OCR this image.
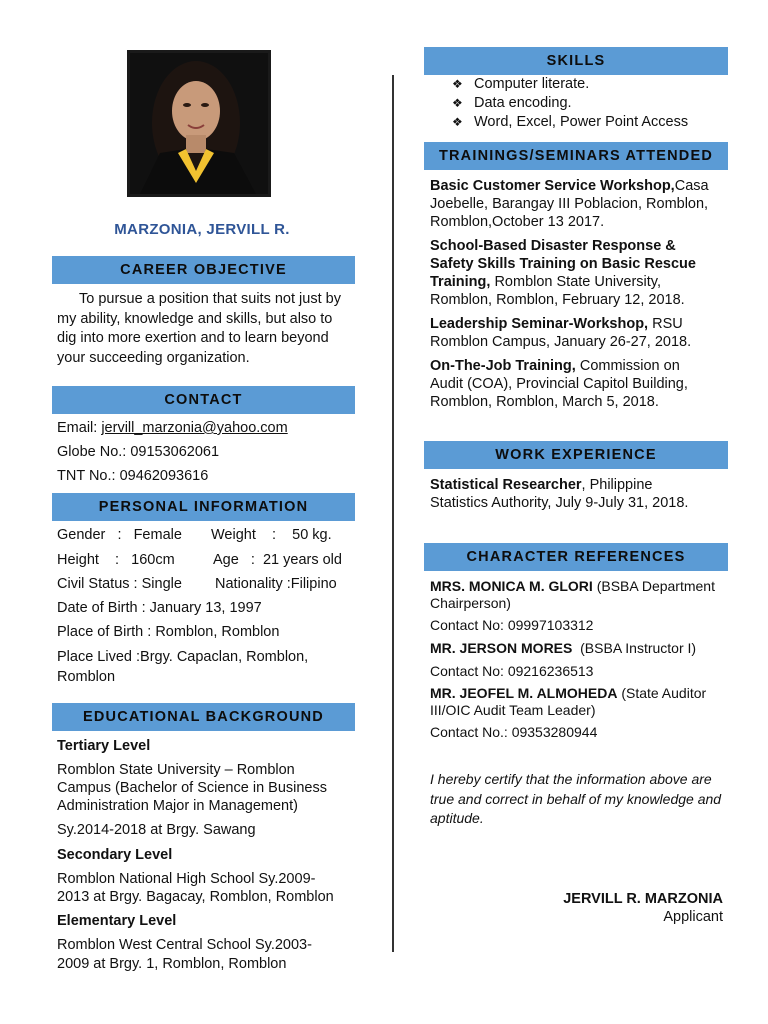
MARZONIA, JERVILL R.
CAREER OBJECTIVE
To pursue a position that suits not just by my ability, knowledge and skills, but also to dig into more exertion and to learn beyond your succeeding organization.
CONTACT
Email: jervill_marzonia@yahoo.com
Globe No.: 09153062061
TNT No.: 09462093616
PERSONAL INFORMATION
Gender   :   Female Weight    :    50 kg.
Height    :   160cm	Age   :  21 years old
Civil Status : Single Nationality :Filipino
Date of Birth : January 13, 1997
Place of Birth : Romblon, Romblon
Place Lived :Brgy. Capaclan, Romblon,
Romblon
EDUCATIONAL BACKGROUND
Tertiary Level
Romblon State University – Romblon
Campus (Bachelor of Science in Business
Administration Major in Management)
Sy.2014-2018 at Brgy. Sawang
Secondary Level
Romblon National High School Sy.2009-
2013 at Brgy. Bagacay, Romblon, Romblon
Elementary Level
Romblon West Central School Sy.2003-
2009 at Brgy. 1, Romblon, Romblon
SKILLS
❖ Computer literate.
❖ Data encoding.
❖ Word, Excel, Power Point Access
TRAININGS/SEMINARS ATTENDED
Basic Customer Service Workshop,Casa
Joebelle, Barangay III Poblacion, Romblon,
Romblon,October 13 2017.
School-Based Disaster Response &
Safety Skills Training on Basic Rescue
Training, Romblon State University,
Romblon, Romblon, February 12, 2018.
Leadership Seminar-Workshop, RSU
Romblon Campus, January 26-27, 2018.
On-The-Job Training, Commission on
Audit (COA), Provincial Capitol Building,
Romblon, Romblon, March 5, 2018.
WORK EXPERIENCE
Statistical Researcher, Philippine
Statistics Authority, July 9-July 31, 2018.
CHARACTER REFERENCES
MRS. MONICA M. GLORI (BSBA Department
Chairperson)
Contact No: 09997103312
MR. JERSON MORES  (BSBA Instructor I)
Contact No: 09216236513
MR. JEOFEL M. ALMOHEDA (State Auditor
III/OIC Audit Team Leader)
Contact No.: 09353280944
I hereby certify that the information above are
true and correct in behalf of my knowledge and
aptitude.
JERVILL R. MARZONIA
Applicant
